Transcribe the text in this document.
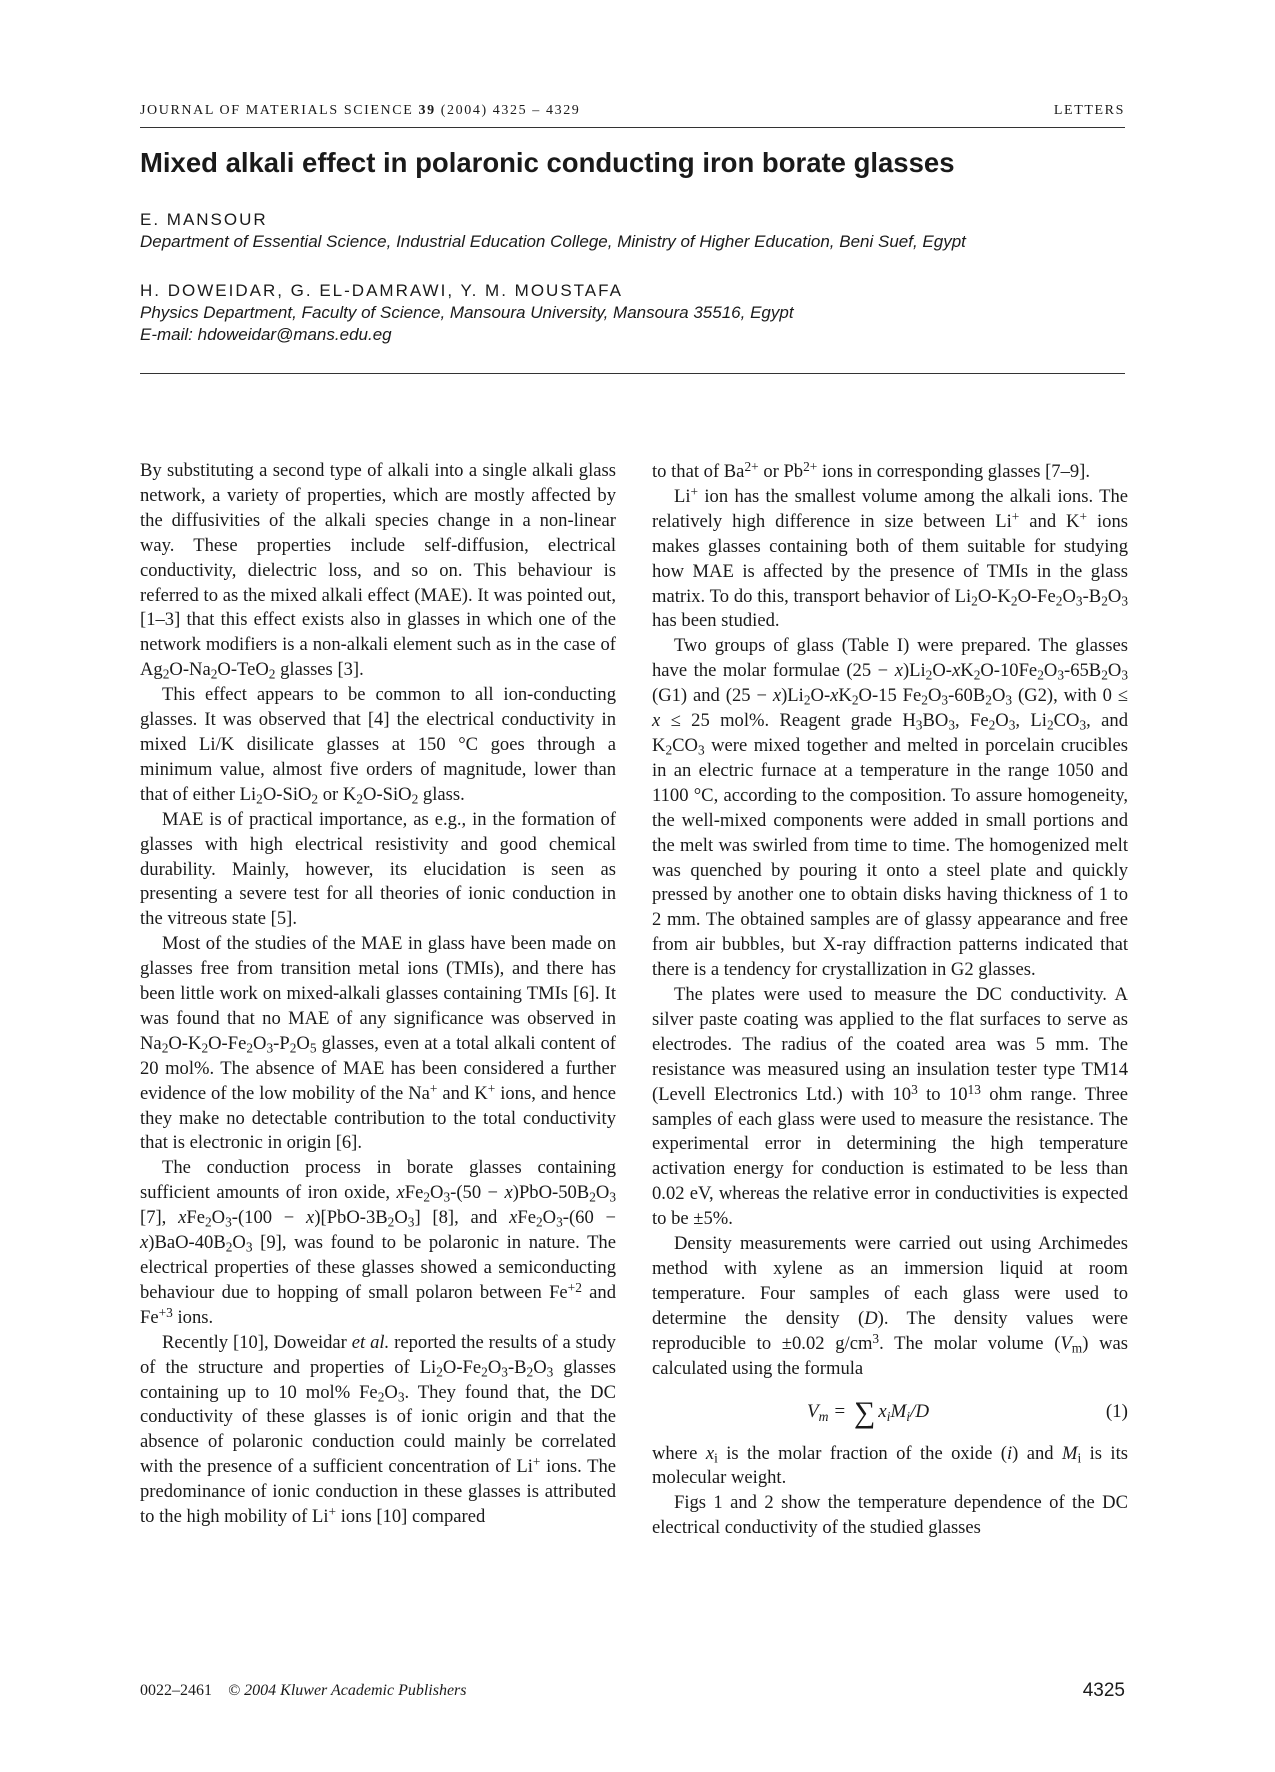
JOURNAL OF MATERIALS SCIENCE 39 (2004) 4325 – 4329	LETTERS
Mixed alkali effect in polaronic conducting iron borate glasses
E. MANSOUR
Department of Essential Science, Industrial Education College, Ministry of Higher Education, Beni Suef, Egypt
H. DOWEIDAR, G. EL-DAMRAWI, Y. M. MOUSTAFA
Physics Department, Faculty of Science, Mansoura University, Mansoura 35516, Egypt
E-mail: hdoweidar@mans.edu.eg

By substituting a second type of alkali into a single alkali glass network, a variety of properties, which are mostly affected by the diffusivities of the alkali species change in a non-linear way. These properties include self-diffusion, electrical conductivity, dielectric loss, and so on. This behaviour is referred to as the mixed alkali effect (MAE). It was pointed out, [1–3] that this effect exists also in glasses in which one of the network modifiers is a non-alkali element such as in the case of $Ag_2O-Na_2O-TeO_2$ glasses [3].

This effect appears to be common to all ion-conducting glasses. It was observed that [4] the electrical conductivity in mixed Li/K disilicate glasses at 150 °C goes through a minimum value, almost five orders of magnitude, lower than that of either $Li_2O-SiO_2$ or $K_2O-SiO_2$ glass.

MAE is of practical importance, as e.g., in the formation of glasses with high electrical resistivity and good chemical durability. Mainly, however, its elucidation is seen as presenting a severe test for all theories of ionic conduction in the vitreous state [5].

Most of the studies of the MAE in glass have been made on glasses free from transition metal ions (TMIs), and there has been little work on mixed-alkali glasses containing TMIs [6]. It was found that no MAE of any significance was observed in $Na_2O-K_2O-Fe_2O_3-P_2O_5$ glasses, even at a total alkali content of 20 mol%. The absence of MAE has been considered a further evidence of the low mobility of the Na+ and K+ ions, and hence they make no detectable contribution to the total conductivity that is electronic in origin [6].

The conduction process in borate glasses containing sufficient amounts of iron oxide, $xFe_2O_3-(50 - x)PbO-50B_2O_3$ [7], $xFe_2O_3-(100 - x)[PbO-3B_2O_3]$ [8], and $xFe_2O_3-(60 - x)BaO-40B_2O_3$ [9], was found to be polaronic in nature. The electrical properties of these glasses showed a semiconducting behaviour due to hopping of small polaron between $Fe^{+2}$ and $Fe^{+3}$ ions.

Recently [10], Doweidar et al. reported the results of a study of the structure and properties of $Li_2O-Fe_2O_3-B_2O_3$ glasses containing up to 10 mol% $Fe_2O_3$. They found that, the DC conductivity of these glasses is of ionic origin and that the absence of polaronic conduction could mainly be correlated with the presence of a sufficient concentration of Li+ ions. The predominance of ionic conduction in these glasses is attributed to the high mobility of Li+ ions [10] compared

to that of $Ba^{2+}$ or $Pb^{2+}$ ions in corresponding glasses [7–9].

Li+ ion has the smallest volume among the alkali ions. The relatively high difference in size between Li+ and K+ ions makes glasses containing both of them suitable for studying how MAE is affected by the presence of TMIs in the glass matrix. To do this, transport behavior of $Li_2O-K_2O-Fe_2O_3-B_2O_3$ has been studied.

Two groups of glass (Table I) were prepared. The glasses have the molar formulae $(25 - x)Li_2O-xK_2O-10Fe_2O_3-65B_2O_3$ (G1) and $(25 - x)Li_2O-xK_2O-15$ $Fe_2O_3-60B_2O_3$ (G2), with 0 ≤ x ≤ 25 mol%. Reagent grade $H_3BO_3$, $Fe_2O_3$, $Li_2CO_3$, and $K_2CO_3$ were mixed together and melted in porcelain crucibles in an electric furnace at a temperature in the range 1050 and 1100 °C, according to the composition. To assure homogeneity, the well-mixed components were added in small portions and the melt was swirled from time to time. The homogenized melt was quenched by pouring it onto a steel plate and quickly pressed by another one to obtain disks having thickness of 1 to 2 mm. The obtained samples are of glassy appearance and free from air bubbles, but X-ray diffraction patterns indicated that there is a tendency for crystallization in G2 glasses.

The plates were used to measure the DC conductivity. A silver paste coating was applied to the flat surfaces to serve as electrodes. The radius of the coated area was 5 mm. The resistance was measured using an insulation tester type TM14 (Levell Electronics Ltd.) with $10^3$ to $10^{13}$ ohm range. Three samples of each glass were used to measure the resistance. The experimental error in determining the high temperature activation energy for conduction is estimated to be less than 0.02 eV, whereas the relative error in conductivities is expected to be ±5%.

Density measurements were carried out using Archimedes method with xylene as an immersion liquid at room temperature. Four samples of each glass were used to determine the density (D). The density values were reproducible to ±0.02 $g/cm^3$. The molar volume $(V_m)$ was calculated using the formula

$V_m$ = ∑ $x_iM_i/D$	(1)

where $x_i$ is the molar fraction of the oxide (i) and $M_i$ is its molecular weight.

Figs 1 and 2 show the temperature dependence of the DC electrical conductivity of the studied glasses

0022–2461 © 2004 Kluwer Academic Publishers	4325
